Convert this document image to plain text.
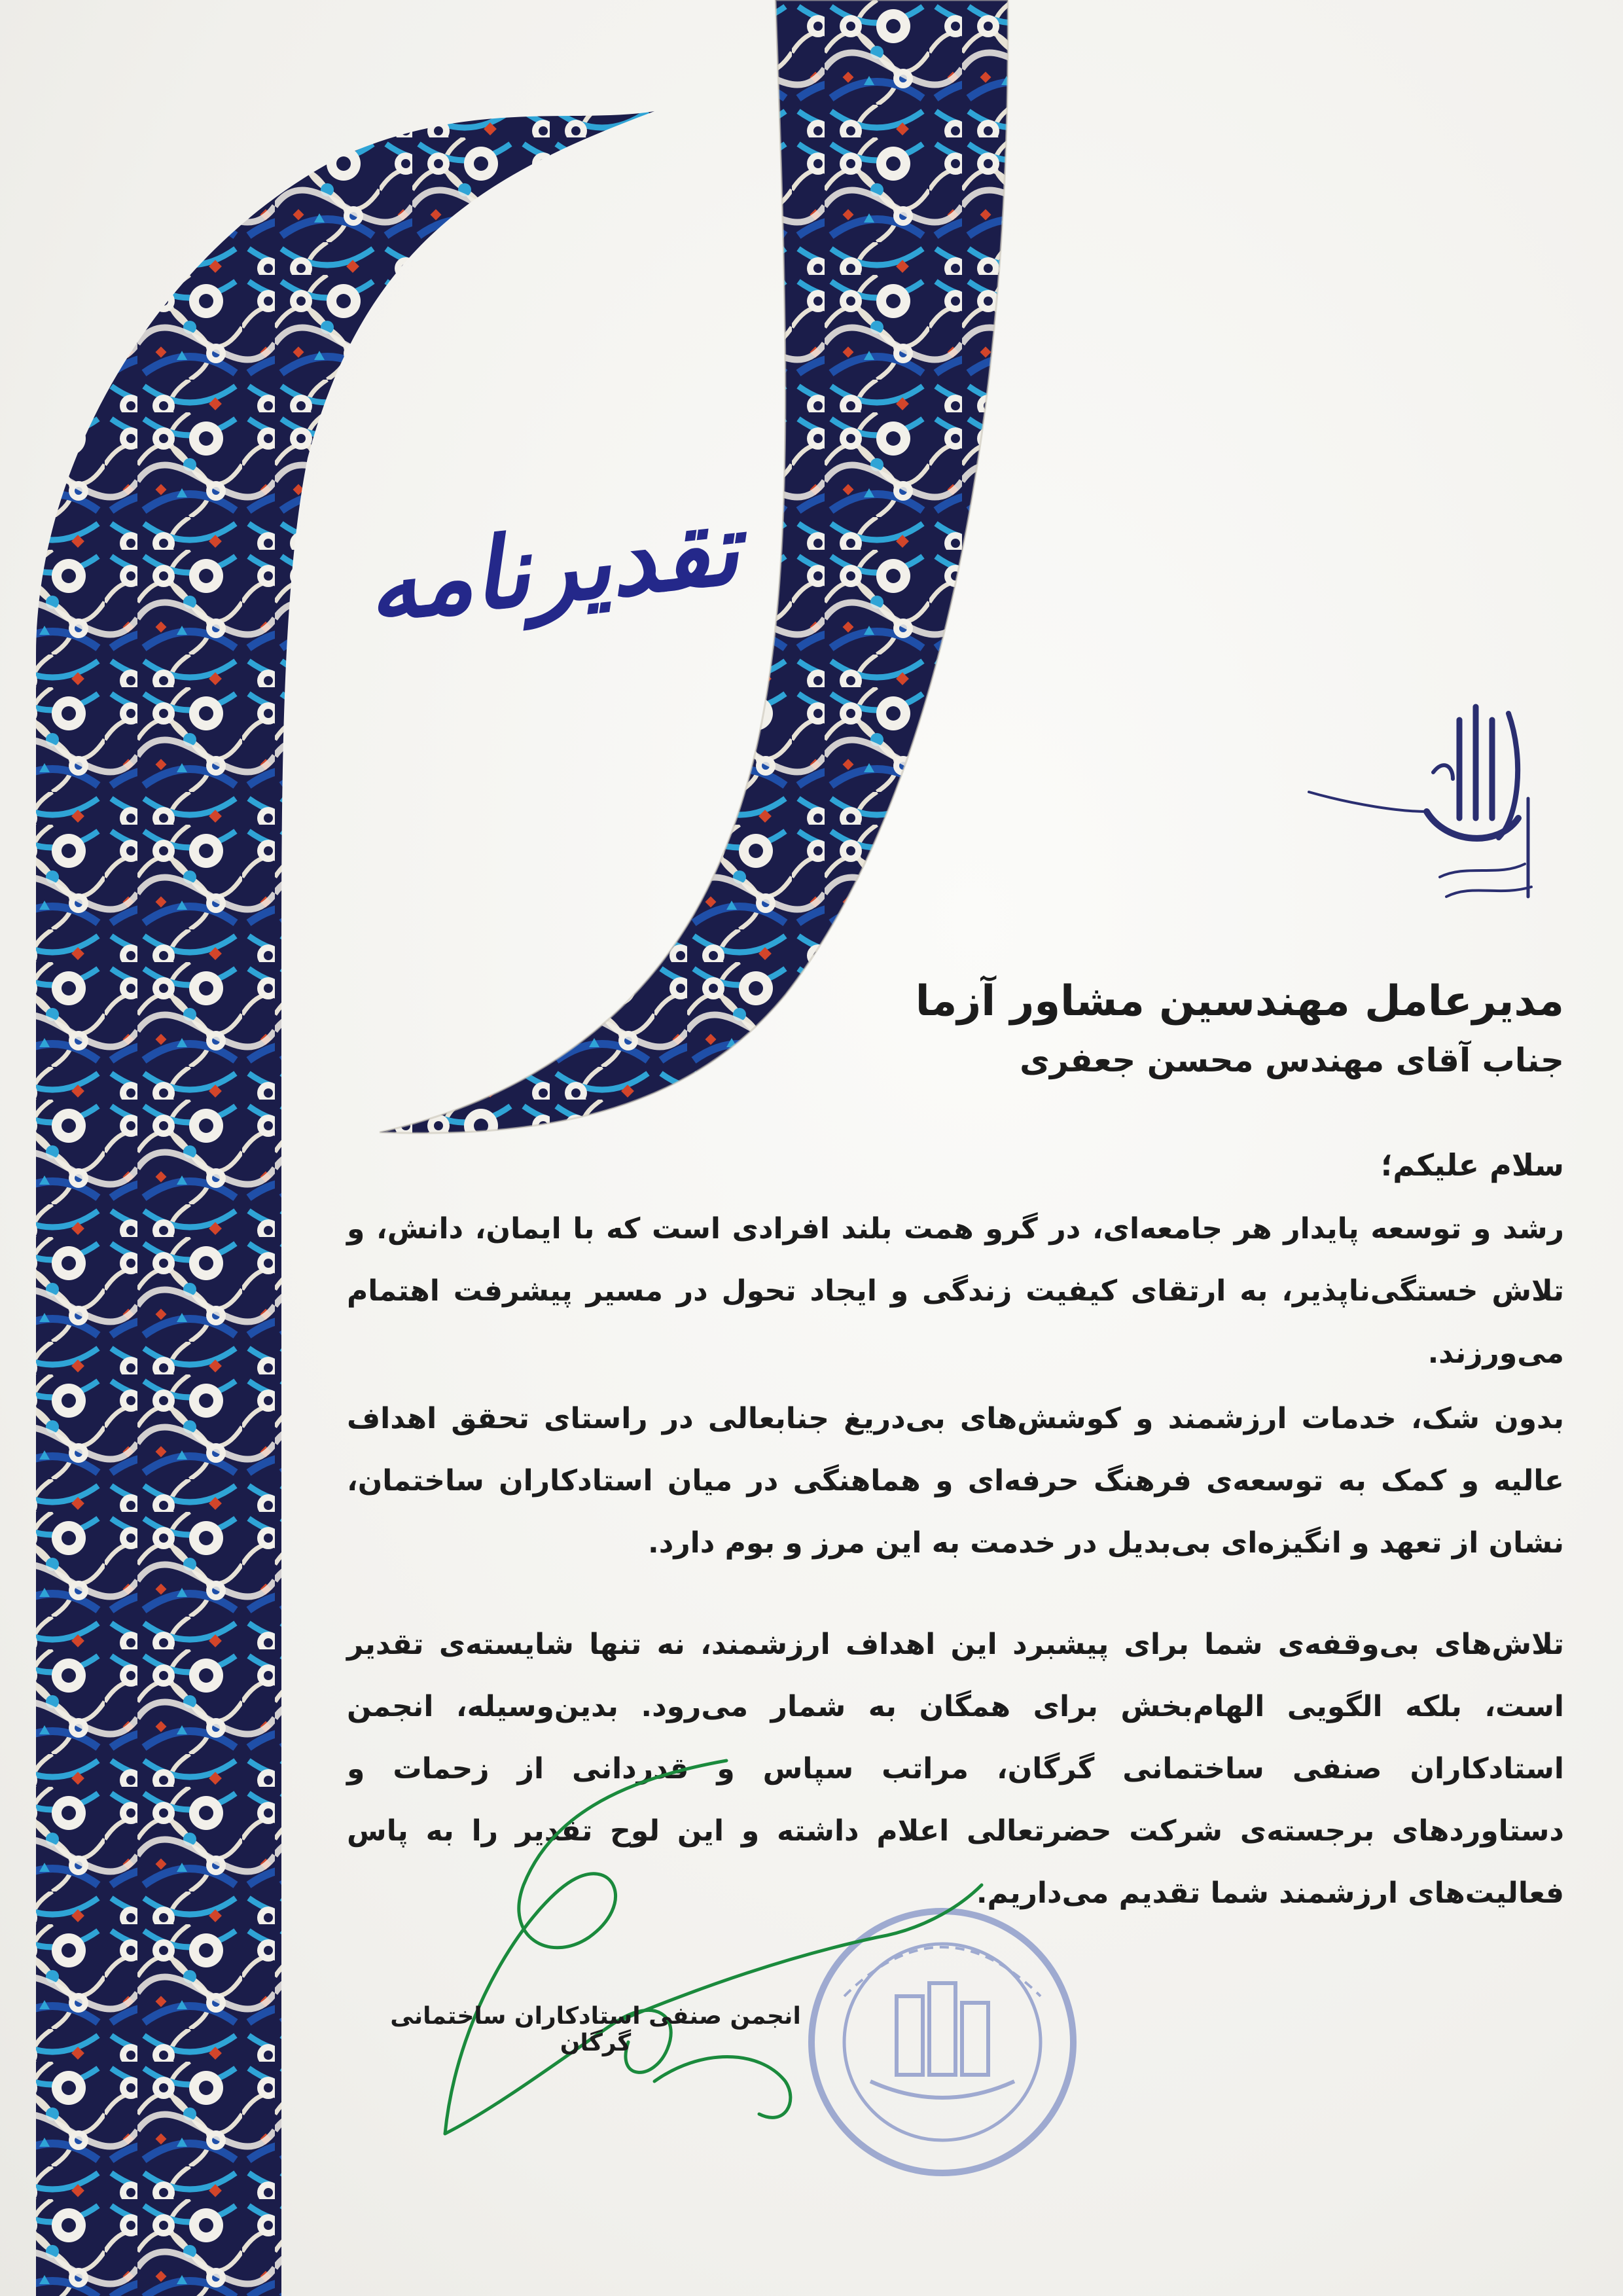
تقدیرنامه
مدیرعامل مهندسین مشاور آزما
جناب آقای مهندس محسن جعفری
سلام علیکم؛
رشد و توسعه پایدار هر جامعه‌ای، در گرو همت بلند افرادی است که با ایمان، دانش، و تلاش خستگی‌ناپذیر، به ارتقای کیفیت زندگی و ایجاد تحول در مسیر پیشرفت اهتمام می‌ورزند.
بدون شک، خدمات ارزشمند و کوشش‌های بی‌دریغ جنابعالی در راستای تحقق اهداف عالیه و کمک به توسعه‌ی فرهنگ حرفه‌ای و هماهنگی در میان استادکاران ساختمان، نشان از تعهد و انگیزه‌ای بی‌بدیل در خدمت به این مرز و بوم دارد.
تلاش‌های بی‌وقفه‌ی شما برای پیشبرد این اهداف ارزشمند، نه تنها شایسته‌ی تقدیر است، بلکه الگویی الهام‌بخش برای همگان به شمار می‌رود. بدین‌وسیله، انجمن استادکاران صنفی ساختمانی گرگان، مراتب سپاس و قدردانی از زحمات و دستاوردهای برجسته‌ی شرکت حضرتعالی اعلام داشته و این لوح تقدیر را به پاس فعالیت‌های ارزشمند شما تقدیم می‌داریم.
انجمن صنفی استادکاران ساختمانی گرگان
